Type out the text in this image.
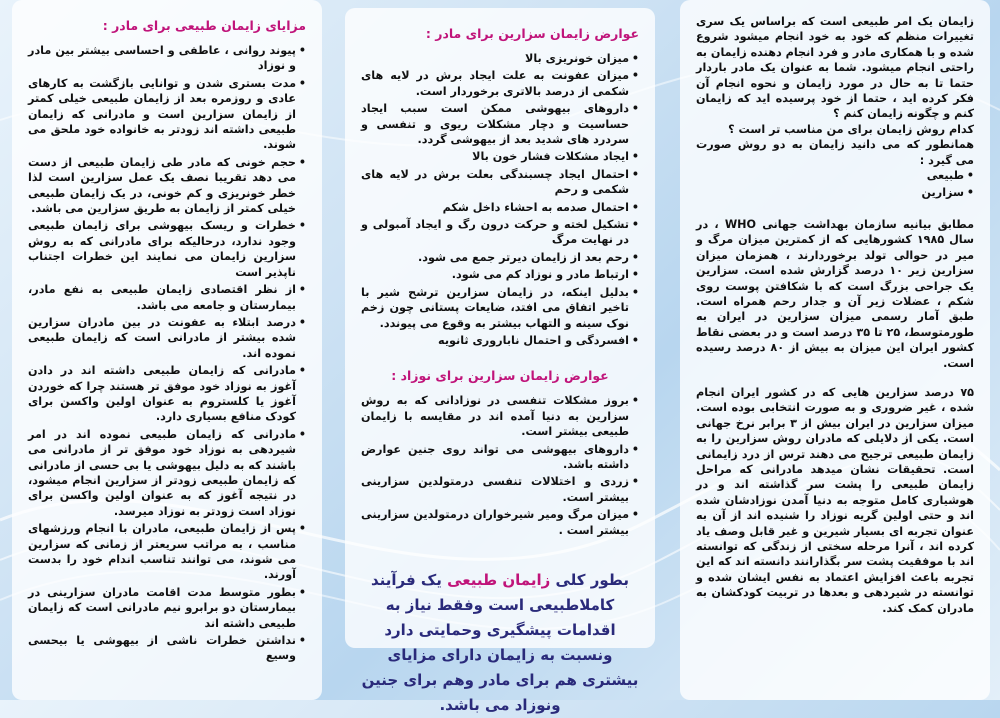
زایمان یک امر طبیعی است که براساس یک سری تغییرات منظم که خود به خود انجام میشود شروع شده و با همکاری مادر و فرد انجام دهنده زایمان به راحتی انجام میشود. شما به عنوان یک مادر باردار حتما تا به حال در مورد زایمان و نحوه انجام آن فکر کرده اید ، حتما از خود پرسیده اید که زایمان کنم و چگونه زایمان کنم ؟

کدام روش زایمان برای من مناسب تر است ؟

همانطور که می دانید زایمان به دو روش صورت می گیرد :

• طبیعی
• سزارین

مطابق بیانیه سازمان بهداشت جهانی WHO ، در سال ۱۹۸۵ کشورهایی که از کمترین میزان مرگ و میر در حوالی تولد برخوردارند ، همزمان میزان سزارین زیر ۱۰ درصد گزارش شده است. سزارین یک جراحی بزرگ است که با شکافتن پوست روی شکم ، عضلات زیر آن و جدار رحم همراه است. طبق آمار رسمی میزان سزارین در ایران به طورمتوسط، ۲۵ تا ۳۵ درصد است و در بعضی نقاط کشور ایران این میزان به بیش از ۸۰ درصد رسیده است.

۷۵ درصد سزارین هایی که در کشور ایران انجام شده ، غیر ضروری و به صورت انتخابی بوده است. میزان سزارین در ایران بیش از ۳ برابر نرخ جهانی است. یکی از دلایلی که مادران روش سزارین را به زایمان طبیعی ترجیح می دهند ترس از درد زایمانی است. تحقیقات نشان میدهد مادرانی که مراحل زایمان طبیعی را پشت سر گذاشته اند و در هوشیاری کامل متوجه به دنیا آمدن نوزادشان شده اند و حتی اولین گریه نوزاد را شنیده اند از آن به عنوان تجربه ای بسیار شیرین و غیر قابل وصف یاد کرده اند ، آنرا مرحله سختی از زندگی که توانسته اند با موفقیت پشت سر بگذارانند دانسته اند که این تجربه باعث افزایش اعتماد به نفس ایشان شده و توانسته در شیردهی و بعدها در تربیت کودکشان به مادران کمک کند.

عوارض زایمان سزارین برای مادر :
• میزان خونریزی بالا
• میزان عفونت به علت ایجاد برش در لایه های شکمی از درصد بالاتری برخوردار است.
• داروهای بیهوشی ممکن است سبب ایجاد حساسیت و دچار مشکلات ریوی و تنفسی و سردرد های شدید بعد از بیهوشی گردد.
• ایجاد مشکلات فشار خون بالا
• احتمال ایجاد چسبندگی بعلت برش در لایه های شکمی و رحم
• احتمال صدمه به احشاء داخل شکم
• تشکیل لخته و حرکت درون رگ و ایجاد آمبولی و در نهایت مرگ
• رحم بعد از زایمان دیرتر جمع می شود.
• ارتباط مادر و نوزاد کم می شود.
• بدلیل اینکه، در زایمان سزارین ترشح شیر با تاخیر اتفاق می افتد، ضایعات پستانی چون زخم نوک سینه و التهاب بیشتر به وقوع می پیوندد.
• افسردگی و احتمال ناباروری ثانویه
عوارض زایمان سزارین برای نوزاد :
• بروز مشکلات تنفسی در نوزادانی که به روش سزارین به دنیا آمده اند در مقایسه با زایمان طبیعی بیشتر است.
• داروهای بیهوشی می تواند روی جنین عوارض داشته باشد.
• زردی و اختلالات تنفسی درمتولدین سزارینی بیشتر است.
• میزان مرگ ومیر شیرخواران درمتولدین سزارینی بیشتر است .

بطور کلی زایمان طبیعی یک فرآیند کاملاطبیعی است وفقط نیاز به اقدامات پیشگیری وحمایتی دارد ونسبت به زایمان دارای مزایای بیشتری هم برای مادر وهم برای جنین ونوزاد می باشد.

مزایای زایمان طبیعی برای مادر :
• پیوند روانی ، عاطفی و احساسی بیشتر بین مادر و نوزاد
• مدت بستری شدن و توانایی بازگشت به کارهای عادی و روزمره بعد از زایمان طبیعی خیلی کمتر از زایمان سزارین است و مادرانی که زایمان طبیعی داشته اند زودتر به خانواده خود ملحق می شوند.
• حجم خونی که مادر طی زایمان طبیعی از دست می دهد تقریبا نصف یک عمل سزارین است لذا خطر خونریزی و کم خونی، در یک زایمان طبیعی خیلی کمتر از زایمان به طریق سزارین می باشد.
• خطرات و ریسک بیهوشی برای زایمان طبیعی وجود ندارد، درحالیکه برای مادرانی که به روش سزارین زایمان می نمایند این خطرات اجتناب ناپذیر است
• از نظر اقتصادی زایمان طبیعی به نفع مادر، بیمارستان و جامعه می باشد.
• درصد ابتلاء به عفونت در بین مادران سزارین شده بیشتر از مادرانی است که زایمان طبیعی نموده اند.
• مادرانی که زایمان طبیعی داشته اند در دادن آغوز به نوزاد خود موفق تر هستند چرا که خوردن آغوز یا کلستروم به عنوان اولین واکسن برای کودک منافع بسیاری دارد.
• مادرانی که زایمان طبیعی نموده اند در امر شیردهی به نوزاد خود موفق تر از مادرانی می باشند که به دلیل بیهوشی یا بی حسی از مادرانی که زایمان طبیعی زودتر از سزارین انجام میشود، در نتیجه آغوز که به عنوان اولین واکسن برای نوزاد است زودتر به نوزاد میرسد.
• پس از زایمان طبیعی، مادران با انجام ورزشهای مناسب ، به مراتب سریعتر از زمانی که سزارین می شوند، می توانند تناسب اندام خود را بدست آورند.
• بطور متوسط مدت اقامت مادران سزارینی در بیمارستان دو برابرو نیم مادرانی است که زایمان طبیعی داشته اند
• نداشتن خطرات ناشی از بیهوشی یا بیحسی وسیع
